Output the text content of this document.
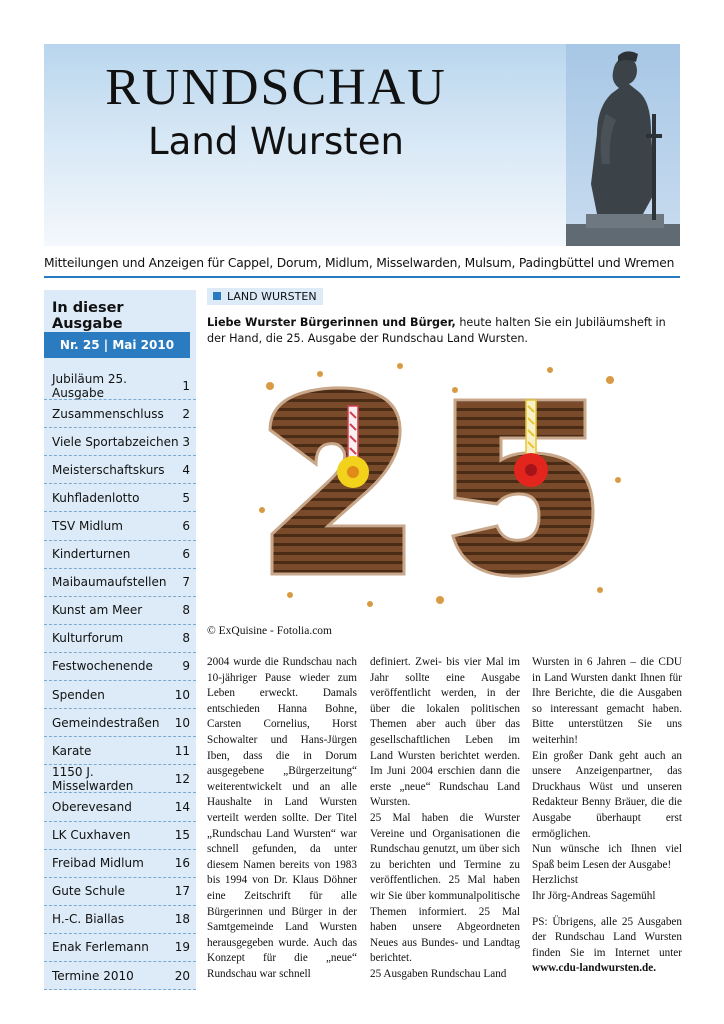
RUNDSCHAU
Land Wursten
Mitteilungen und Anzeigen für Cappel, Dorum, Midlum, Misselwarden, Mulsum, Padingbüttel und Wremen
In dieser Ausgabe
Nr. 25 | Mai 2010
Jubiläum 25. Ausgabe	1
Zusammenschluss 2
Viele Sportabzeichen 3
Meisterschaftskurs 4
Kuhfladenlotto	5
TSV Midlum	6
Kinderturnen	6
Maibaumaufstellen 7
Kunst am Meer	8
Kulturforum	8
Festwochenende 9
Spenden	10
Gemeindestraßen 10
Karate	11
1150 J. Misselwarden	12
Oberevesand	14
LK Cuxhaven	15
Freibad Midlum	16
Gute Schule	17
H.-C. Biallas	18
Enak Ferlemann 19
Termine 2010	20
LAND WURSTEN
Liebe Wurster Bürgerinnen und Bürger, heute halten Sie ein Jubiläumsheft in der Hand, die 25. Ausgabe der Rundschau Land Wursten.
© ExQuisine - Fotolia.com

2004 wurde die Rundschau nach 10-jähriger Pause wieder zum Leben erweckt. Damals entschieden Hanna Bohne, Carsten Cornelius, Horst Schowalter und Hans-Jürgen Iben, dass die in Dorum ausgegebene „Bürgerzeitung“ weiterentwickelt und an alle Haushalte in Land Wursten verteilt werden sollte. Der Titel „Rundschau Land Wursten“ war schnell gefunden, da unter diesem Namen bereits von 1983 bis 1994 von Dr. Klaus Döhner eine Zeitschrift für alle Bürgerinnen und Bürger in der Samtgemeinde Land Wursten herausgegeben wurde. Auch das Konzept für die „neue“ Rundschau war schnell

definiert. Zwei- bis vier Mal im Jahr sollte eine Ausgabe veröffentlicht werden, in der über die lokalen politischen Themen aber auch über das gesellschaftlichen Leben im Land Wursten berichtet werden. Im Juni 2004 erschien dann die erste „neue“ Rundschau Land Wursten.

25 Mal haben die Wurster Vereine und Organisationen die Rundschau genutzt, um über sich zu berichten und Termine zu veröffentlichen. 25 Mal haben wir Sie über kommunalpolitische Themen informiert. 25 Mal haben unsere Abgeordneten Neues aus Bundes- und Landtag berichtet.

25 Ausgaben Rundschau Land

Wursten in 6 Jahren – die CDU in Land Wursten dankt Ihnen für Ihre Berichte, die die Ausgaben so interessant gemacht haben. Bitte unterstützen Sie uns weiterhin!

Ein großer Dank geht auch an unsere Anzeigenpartner, das Druckhaus Wüst und unseren Redakteur Benny Bräuer, die die Ausgabe überhaupt erst ermöglichen.

Nun wünsche ich Ihnen viel Spaß beim Lesen der Ausgabe!

Herzlichst

Ihr Jörg-Andreas Sagemühl

PS: Übrigens, alle 25 Ausgaben der Rundschau Land Wursten finden Sie im Internet unter www.cdu-landwursten.de.
